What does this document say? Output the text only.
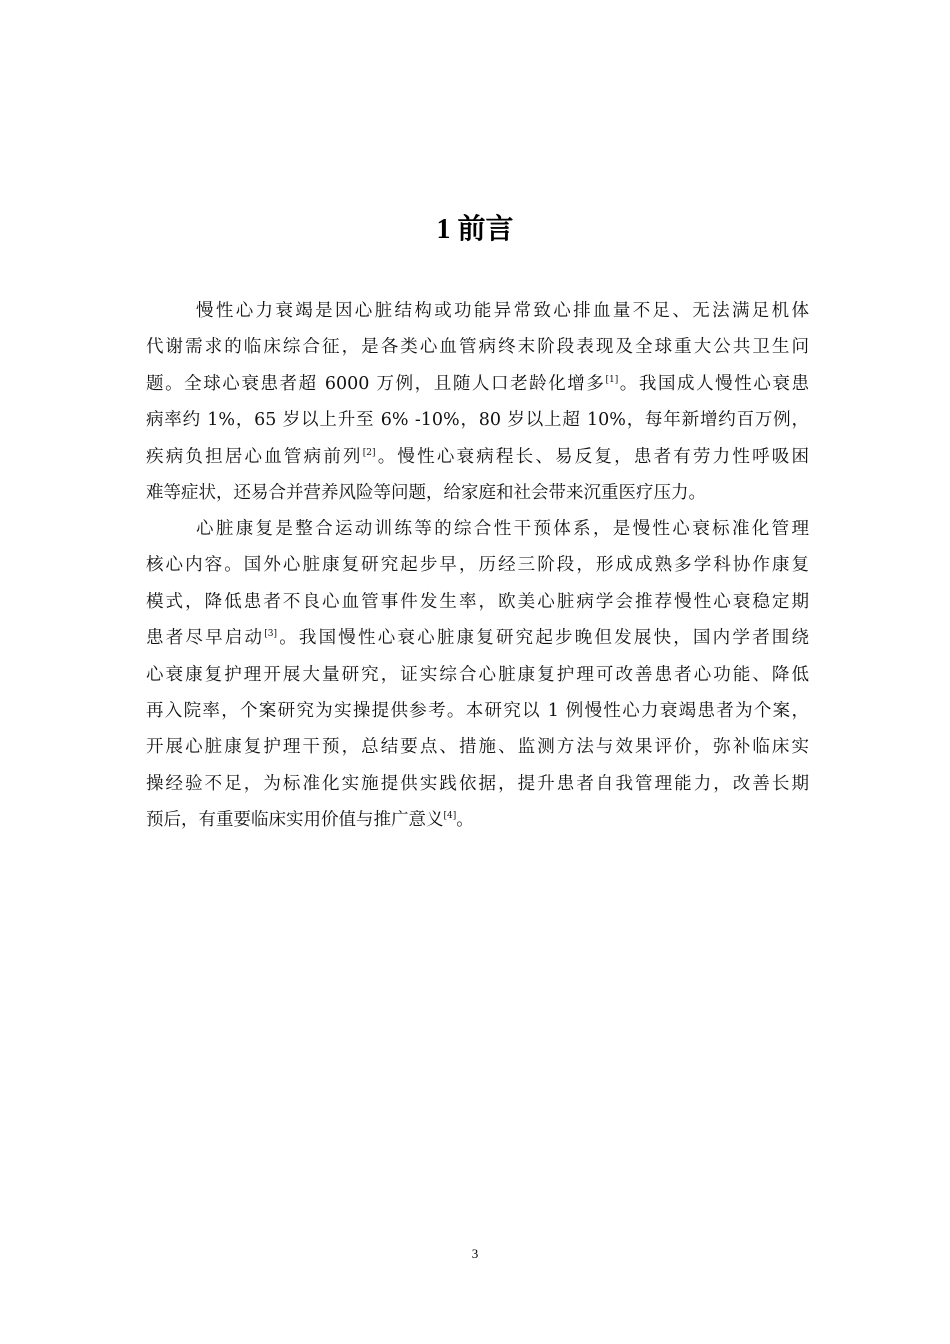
1 前言
慢性心力衰竭是因心脏结构或功能异常致心排血量不足、无法满足机体
代谢需求的临床综合征，是各类心血管病终末阶段表现及全球重大公共卫生问
题。全球心衰患者超 6000 万例，且随人口老龄化增多[1]。我国成人慢性心衰患
病率约 1%，65 岁以上升至 6% -10%，80 岁以上超 10%，每年新增约百万例，
疾病负担居心血管病前列[2]。慢性心衰病程长、易反复，患者有劳力性呼吸困
难等症状，还易合并营养风险等问题，给家庭和社会带来沉重医疗压力。
心脏康复是整合运动训练等的综合性干预体系，是慢性心衰标准化管理
核心内容。国外心脏康复研究起步早，历经三阶段，形成成熟多学科协作康复
模式，降低患者不良心血管事件发生率，欧美心脏病学会推荐慢性心衰稳定期
患者尽早启动[3]。我国慢性心衰心脏康复研究起步晚但发展快，国内学者围绕
心衰康复护理开展大量研究，证实综合心脏康复护理可改善患者心功能、降低
再入院率，个案研究为实操提供参考。本研究以 1 例慢性心力衰竭患者为个案，
开展心脏康复护理干预，总结要点、措施、监测方法与效果评价，弥补临床实
操经验不足，为标准化实施提供实践依据，提升患者自我管理能力，改善长期
预后，有重要临床实用价值与推广意义[4]。
3
